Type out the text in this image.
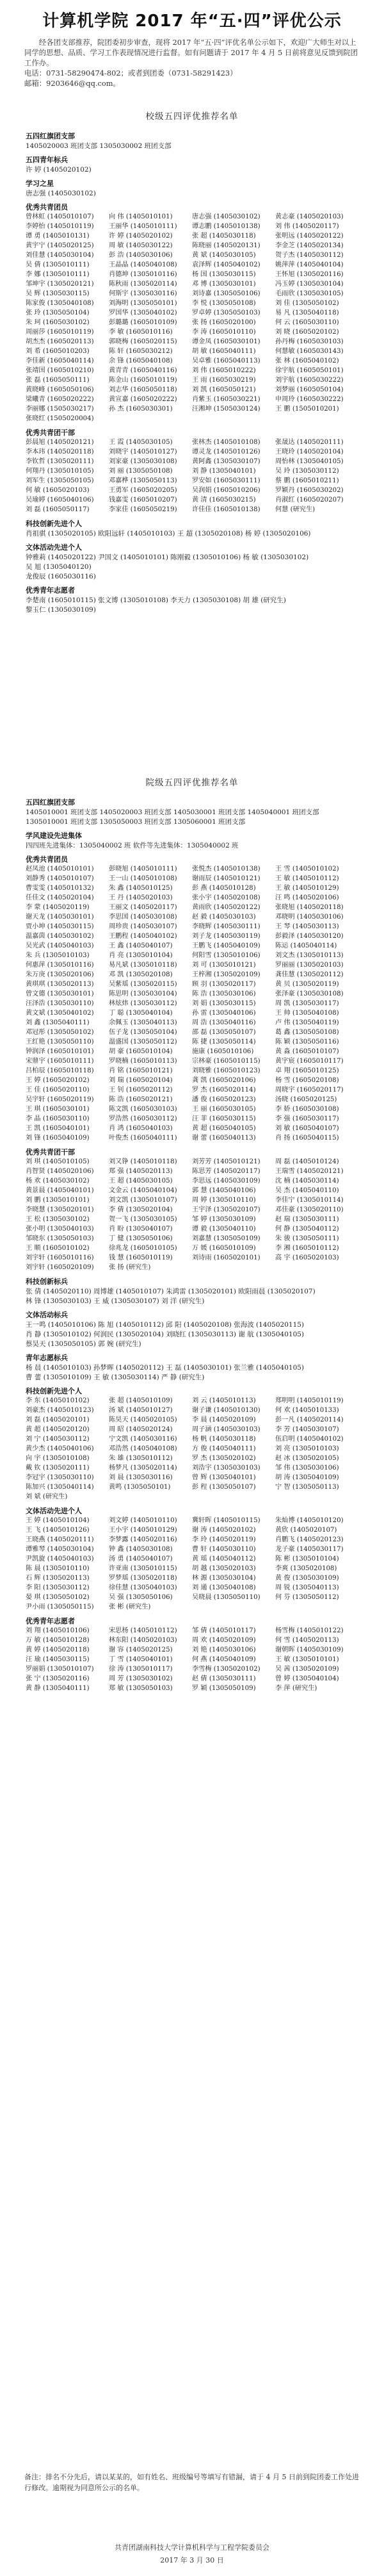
计算机学院 2017 年“五·四”评优公示
经各团支部推荐，院团委初步审查，现将 2017 年“五·四”评优名单公示如下，欢迎广大师生对以上同学的思想、品质、学习工作表现情况进行监督。如有问题请于 2017 年 4 月 5 日前将意见反馈到院团工作办。
电话：0731-58290474-802；或者到团委（0731-58291423）
邮箱：9203646@qq.com。
备注：排名不分先后，请以某某的，如有姓名、班级编号等填写有错漏，请于 4 月 5 日前到院团委工作处进行修改。逾期视为同意所公示的名单。
共青团湖南科技大学计算机科学与工程学院委员会
2017 年 3 月 30 日
校级五四评优推荐名单
五四红旗团支部
1405020003 班团支部 1305030002 班团支部
五四青年标兵
许 婷 (1405020102)
学习之星
唐志强 (1405030102)
优秀共青团员
曾林虹 (1405010107)	向 伟 (1405010101)	唐志强 (1405030102)	黄志豪 (1405020103)
李婷怡 (1405010119)	王丽华 (1405010111)	谭志鹏 (1405010138)	刘 伟 (1405020117)
谭 勇 (1405010131)	许 婷 (1405020102)	张 超 (1405030118)	张明远 (1405020122)
黄宇宁 (1405020125)	周 敏 (1405030122)	陈晓丽 (1405020131)	李金芝 (1405020134)
刘佳慧 (1405030104)	彭 浩 (1405030106)	黄 斌 (1405030105)	贺子杰 (1405030112)
吴 倩 (1305010111)	王晶晶 (1405040108)	袁泽辉 (1405040102)	姚萍萍 (1405040104)
李 娜 (1305010111)	肖德坤 (1305010116)	杨 国 (1305030115)	王怀旭 (1305020116)
邹坤宇 (1305020121)	陈秋雨 (1305020114)	邓 博 (1305030101)	冯玉婷 (1305030104)
吴 辉 (1305030115)	何斯宇 (1305030116)	刘诗嘉 (1305050106)	毛雨欣 (1305030105)
陈家俊 (1305040108)	刘海明 (1305050101)	李 悦 (1305050108)	刘 佳 (1305050102)
张 玲 (1305050104)	罗国华 (1305040102)	罗卓婷 (1305050103)	易 凡 (1305040118)
朱 珂 (1605030102)	彭璐璐 (1605010109)	张 扬 (1605020100)	何 云 (1605030110)
周丽莎 (1605010119)	李 敏 (1605010116)	李 涛 (1605010110)	刘 晓 (1605020102)
胡杰杰 (1605020113)	郭晓梅 (1605020115)	谭金凤 (1605030101)	孙丹梅 (1605030103)
刘 希 (1605010203)	陈 轩 (1605030212)	胡 敏 (1605040111)	何慧敏 (1605030143)
李佳新 (1605040114)	余 锋 (1605040108)	吴卓雅 (1605040113)	张 林 (1605040102)
张靖国 (1605010210)	黄青青 (1605040116)	刘 伟 (1605010222)	徐宇航 (1605050101)
张 磊 (1605050111)	陈金山 (1605010119)	王 雨 (1605030219)	刘宇航 (1605030222)
黄晓峰 (1605050106)	刘志华 (1605050118)	刘 凯 (1605050121)	刘梦丽 (1605050104)
梁曦青 (1605020222)	黄宣嘉 (1605020222)	肖紫玉 (1605030221)	申周玲 (1605030222)
李丽娜 (1505030217)	孙 杰 (1605030301)	汪湘坤 (1505030124)	王 鹏 (1505010201)
张晓红 (1505020004)
优秀共青团干部
彭晨旭 (1405020121)	王 霞 (1405030105)	张林杰 (1405010108)	张晟达 (1405020111)
李本玮 (1405020118)	刘晓宇 (1405010127)	谭灵龙 (1405010126)	王晓玲 (1405020104)
李钦哲 (1305020111)	刘家豪 (1305030108)	黄阿鑫 (1305030107)	周怡林 (1305040105)
何翔丹 (1305010105)	刘 丽 (1305050108)	刘 静 (1305040101)	吴 玲 (1305030112)
刘军生 (1305050105)	邓嘉桦 (1305050113)	罗安如 (1605030111)	蔡 鹏 (1605010211)
何 敏 (1605020103)	王勇军 (1605020205)	吴润娟 (1605010206)	罗颖丹 (1605030202)
吴瑜婷 (1605040106)	钱嘉雯 (1605010207)	黄 清 (1605030215)	肖淑红 (1605020207)
刘 磊 (1605050117)	李家佳 (1605050219)	许佳佳 (1605010138)	何慧 (研究生)
科技创新先进个人
肖祖骐 (1305020105) 欧阳远轩 (1405010103) 王 超 (1305020108) 杨 婷 (1305020106)
文体活动先进个人
钟雅莉 (1405020122) 尹国文 (1405010101) 陈刚毅 (1305010106) 杨 敏 (1305030102)
吴 旭 (1305040120)
龙俊辰 (1605030116)
优秀青年志愿者
李楚南 (1605010115) 张文博 (1305010108) 李天力 (1305030108) 胡 雄 (研究生)
黎玉仁 (1305030109)
院级五四评优推荐名单
五四红旗团支部
1405010001 班团支部 1405020003 班团支部 1405030001 班团支部 1405040001 班团支部
1305010001 班团支部 1305050003 班团支部 1305060001 班团支部
学风建设先进集体
四四班先进集体：1305040002 班 软件等先进集体：1305040002 班
优秀共青团员
赵凤池 (1405010101)	彭晓旭 (1405010111)	张悦杰 (1405010138)	王 雪 (1405010102)
刘静秀 (1405010107)	王一山 (1405010108)	谢雨辰 (1405010121)	王 敏 (1405010112)
曹雯雯 (1405010132)	朱 鑫 (1405010125)	彭 燕 (1405010128)	王 敏 (1405010129)
任佳文 (1405020104)	王 丹 (1405020103)	张小宇 (1405020108)	汪 鸣 (1405020106)
李 蒙 (1405020119)	王丽文 (1405020117)	黄雨欣 (1405020122)	张晓旭 (1405020118)
谢天龙 (1405030101)	李思国 (1405030108)	赵 毅 (1405030103)	邓晓明 (1405030106)
贾小坤 (1405030115)	周珍贵 (1405030107)	李晓辉 (1405030111)	王 琴 (1405030113)
温嘉茵 (1405030102)	王鹏程 (1405040102)	刘子龙 (1405030119)	彭毅泽 (1405030120)
吴光武 (1405040103)	王 鑫 (1405040107)	王鹏飞 (1405040109)	陈运 (1405040114)
朱 兵 (1305010103)	肖 亮 (1305010104)	何阳雪 (1305010106)	刘文杰 (1305010113)
何惠萍 (1305010116)	易凡斌 (1305010118)	刘 可 (1305010121)	罗丽丽 (1305020103)
朱万庚 (1305020106)	邓 凯 (1305020108)	王梓湘 (1305020109)	龚佳慧 (1305020112)
黄琪琪 (1305020113)	吴紫瑶 (1305020115)	顾 羽 (1305020117)	黄 贝 (1305020119)
曾文德 (1305030101)	陈思明 (1305030104)	陈 浩 (1305030106)	张泽豪 (1305030108)
汪泽浩 (1305030110)	林炫炜 (1305030112)	刘 娟 (1305030115)	周 凯 (1305030117)
黄文斌 (1305040102)	丁 聪 (1305040104)	孙 雷 (1305040106)	王 帅 (1305040108)
刘 鑫 (1305040111)	余佩玉 (1305040113)	周 浩 (1305040116)	卢 伟 (1305040119)
邓冠彤 (1305050102)	伍子龙 (1305050104)	邵 磊 (1305050107)	葛 鑫 (1305050108)
王红艳 (1305050110)	温盛国 (1305050112)	陈 捷 (1305050114)	陈 颖 (1305050116)
钟润泽 (1605010101)	胡 豪 (1605010104)	施康 (1605010106)	黄 淼 (1605010107)
宋鼎宇 (1605010111)	罗晓楠 (1605010113)	宗林豪 (1605010115)	黄宇宸 (1605010117)
吕柏辰 (1605010118)	肖 铭 (1605010121)	刘晓雅 (1605010123)	卓 翔 (1605010125)
王 婷 (1605020102)	刘 瑞 (1605020104)	龚 凯 (1605020106)	杨 雪 (1605020108)
王 佳 (1605020110)	王 钊 (1605020112)	罗 杰 (1605020114)	周晓宇 (1605020117)
吴宇轩 (1605020119)	陈 浩 (1605020121)	潘 俊 (1605020123)	汤晓 (1605020125)
王 琪 (1605030101)	陈文凯 (1605030103)	王 丽 (1605030105)	李 娇 (1605030108)
李 晶 (1605030110)	罗浩然 (1605030112)	汪 菲 (1605030115)	李 强 (1605030117)
王 凯 (1605040101)	肖 鸿 (1605040103)	黄 超 (1605040105)	刘 敏 (1605040107)
刘 锋 (1605040109)	叶俊杰 (1605040111)	谢 蕾 (1605040113)	肖 扬 (1605040115)
优秀共青团干部
刘 琪 (1405010105)	刘又铮 (1405010118)	刘芳芳 (1405010121)	周 磊 (1405010124)
肖智贤 (1405020106)	郑 强 (1405020113)	陈思芳 (1405020117)	王瑞雪 (1405020121)
杨 欢 (1405030102)	王 超 (1405030105)	李思远 (1405030109)	沈 楠 (1405030114)
黄景晨 (1405040101)	文金云 (1405040104)	郭 慧 (1405040106)	吴 杰 (1405040110)
刘 鹏 (1305010101)	刘文凯 (1305010107)	周 婷 (1305010110)	李佳宁 (1305010114)
李晓慧 (1305020101)	李 倩 (1305020104)	王宇泽 (1305020107)	邓佳豪 (1305020110)
王 松 (1305030102)	贺一飞 (1305030105)	邹 婷 (1305030109)	赵 瑞 (1305030111)
张小明 (1305040103)	肖 盼 (1305040107)	谭 毅 (1305040110)	何 静 (1305040112)
邹晓东 (1305050103)	丁 健 (1305050106)	刘嘉慧 (1305050109)	朱 骏 (1305050111)
王 顺 (1605010102)	徐兆龙 (1605010105)	万 媛 (1605010109)	李 湘 (1605010112)
刘宇轩 (1605010116)	钱 慧 (1605010119)	刘诗雨 (1605020101)	高 宇 (1605020103)
刘宇轩 (1605020109)	张 扬 (研究生)
科技创新标兵
张 倩 (1405020110) 周博雄 (1405010107) 朱鸿雷 (1305020101) 欧阳雨晨 (1305020107)
林 锋 (1305030103) 王 威 (1305030107) 刘 洋 (研究生)
文体活动标兵
王一鸣 (1405010106) 陈 旭 (1405010112) 邱 阳 (1405020108) 张海波 (1405020115)
肖 静 (1305010102) 何润民 (1305020104) 刘晓红 (1305030113) 谢 航 (1305040105)
蔡昊天 (1305050105) 郭 婉 (研究生)
青年志愿标兵
杨 晨 (1405010103) 孙梦晖 (1405020112) 王 磊 (1405030101) 张兰雅 (1405040105)
曹 蕾 (1305010109) 王 敏 (1305030114) 严 静 (研究生)
科技创新先进个人
李 东 (1405010102)	张 超 (1405010109)	刘 云 (1405010113)	郑明明 (1405010119)
刘豪杰 (1405010123)	汤 斌 (1405010127)	谢子谦 (1405010130)	何 欢 (1405010133)
刘 磊 (1405020101)	陈昊天 (1405020105)	李 晨 (1405020109)	彭一凡 (1405020114)
黄 超 (1405020120)	周 昭 (1405020124)	周子涵 (1405030103)	李 芳 (1405030107)
刘 宁 (1405030112)	宁文凯 (1405030116)	杨 帆 (1405030118)	伍启明 (1405040102)
黄少杰 (1405040106)	邓浩然 (1405040108)	方 俊 (1405040111)	刘 亮 (1305010103)
向 宇 (1305010108)	朱 雄 (1305010112)	罗 杰 (1305020102)	赵 冰 (1305020105)
戴 钦 (1305020111)	杨梦凡 (1305020114)	刘浩宇 (1305030103)	邹 伟 (1305030106)
李冠宇 (1305030110)	刘 晨 (1305030116)	曾 辉 (1305040101)	胡 涛 (1305040109)
陈加兴 (1305040114)	黄鸣 (1305050101)	彭 程 (1305050107)	宁 智 (1305050113)
刘 斌 (研究生)
文体活动先进个人
王 婷 (1405010104)	刘文婷 (1405010110)	冀轩晖 (1405010115)	朱灿博 (1405010120)
王 飞 (1405010126)	王小宇 (1405010129)	谢 涛 (1405020102)	黄欣 (1405020107)
王晓燕 (1405020111)	李梦露 (1405020116)	李 玲 (1405020119)	肖鹏飞 (1405020123)
谭雅琴 (1405030104)	钟 鑫 (1405030108)	曹 轩 (1405030110)	龙子豪 (1405030117)
尹凯旋 (1405040103)	汤 勇 (1405040107)	黄 瑶 (1405040112)	陈 彬 (1305010104)
陈 晨 (1305010110)	许亚南 (1305010115)	胡 越 (1305020103)	李爽 (1305020108)
石 辉 (1305020113)	罗梦瑶 (1305020118)	林 源 (1305030104)	黄 俊 (1305030109)
李 阳 (1305030112)	徐佳慧 (1305040103)	刘 通 (1305040108)	周 锐 (1305040113)
晏 琪 (1305050102)	吴 强 (1305050106)	吴晓晨 (1305050110)	何 芬 (1305050112)
尹小雨 (1305050115)	张 彬 (研究生)
优秀青年志愿者
刘 翔 (1405010106)	宋思杨 (1405010112)	邹 倩 (1405010117)	杨雪梅 (1405010122)
万 敏 (1405010128)	林东阳 (1405020103)	周 欢 (1405020109)	何 雪 (1405020113)
黄 婷 (1405020118)	谢 容 (1405020125)	刘 艳 (1405030106)	谢朝晖 (1405030109)
汪 瑜 (1405030115)	丁 雪 (1405040101)	何 燕 (1405040109)	王 敏 (1305010101)
罗丽娟 (1305010107)	徐 涛 (1305010117)	李雪梅 (1305020102)	吴 茜 (1305020109)
张 宁 (1305020116)	周 芳 (1305030102)	赵 倩 (1305030111)	曾 婷 (1305040104)
黄 静 (1305040111)	郑 敏 (1305050103)	罗 颖 (1305050109)	李 萍 (研究生)
